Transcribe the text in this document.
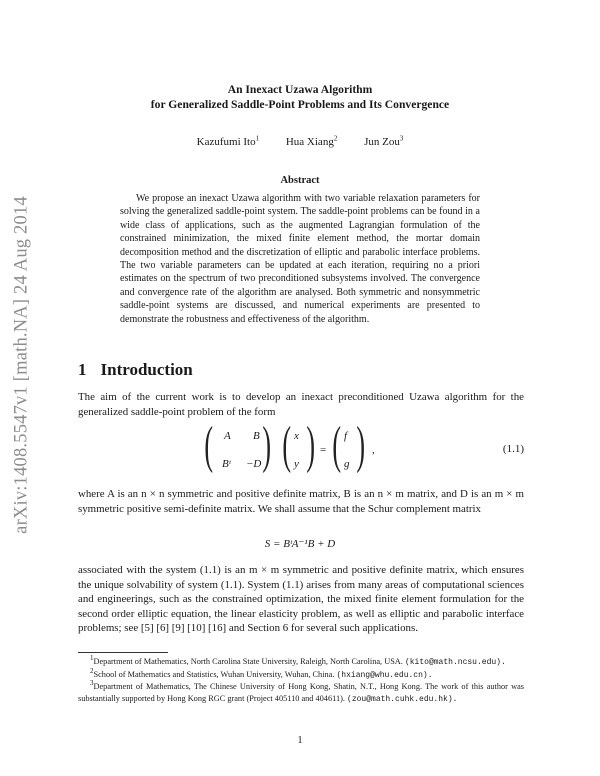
arXiv:1408.5547v1 [math.NA] 24 Aug 2014
An Inexact Uzawa Algorithm
for Generalized Saddle-Point Problems and Its Convergence
Kazufumi Ito$^1$ Hua Xiang$^2$ Jun Zou$^3$
Abstract

We propose an inexact Uzawa algorithm with two variable relaxation parameters for solving the generalized saddle-point system. The saddle-point problems can be found in a wide class of applications, such as the augmented Lagrangian formulation of the constrained minimization, the mixed finite element method, the mortar domain decomposition method and the discretization of elliptic and parabolic interface problems. The two variable parameters can be updated at each iteration, requiring no a priori estimates on the spectrum of two preconditioned subsystems involved. The convergence and convergence rate of the algorithm are analysed. Both symmetric and nonsymmetric saddle-point systems are discussed, and numerical experiments are presented to demonstrate the robustness and effectiveness of the algorithm.

1 Introduction

The aim of the current work is to develop an inexact preconditioned Uzawa algorithm for the generalized saddle-point problem of the form

( A B
Bᵗ −D ) ( x
y ) = ( f
g ) ,	(1.1)

where A is an n × n symmetric and positive definite matrix, B is an n × m matrix, and D is an m × m symmetric positive semi-definite matrix. We shall assume that the Schur complement matrix

S = BᵗA⁻¹B + D

associated with the system (1.1) is an m × m symmetric and positive definite matrix, which ensures the unique solvability of system (1.1). System (1.1) arises from many areas of computational sciences and engineerings, such as the constrained optimization, the mixed finite element formulation for the second order elliptic equation, the linear elasticity problem, as well as elliptic and parabolic interface problems; see [5] [6] [9] [10] [16] and Section 6 for several such applications.

$^1$Department of Mathematics, North Carolina State University, Raleigh, North Carolina, USA. (kito@math.ncsu.edu).

$^2$School of Mathematics and Statistics, Wuhan University, Wuhan, China. (hxiang@whu.edu.cn).

$^3$Department of Mathematics, The Chinese University of Hong Kong, Shatin, N.T., Hong Kong. The work of this author was substantially supported by Hong Kong RGC grant (Project 405110 and 404611). (zou@math.cuhk.edu.hk).

1
